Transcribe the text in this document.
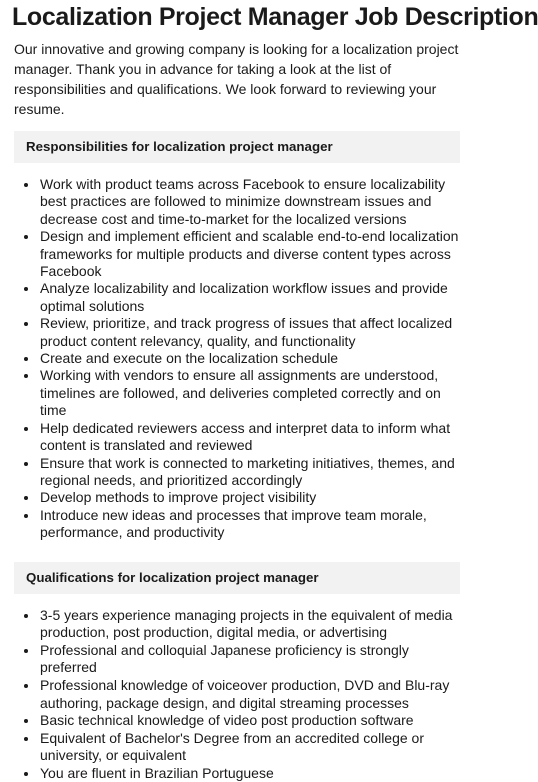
Localization Project Manager Job Description

Our innovative and growing company is looking for a localization project manager. Thank you in advance for taking a look at the list of responsibilities and qualifications. We look forward to reviewing your resume.

Responsibilities for localization project manager
• Work with product teams across Facebook to ensure localizability best practices are followed to minimize downstream issues and decrease cost and time-to-market for the localized versions
• Design and implement efficient and scalable end-to-end localization frameworks for multiple products and diverse content types across Facebook
• Analyze localizability and localization workflow issues and provide optimal solutions
• Review, prioritize, and track progress of issues that affect localized product content relevancy, quality, and functionality
• Create and execute on the localization schedule
• Working with vendors to ensure all assignments are understood, timelines are followed, and deliveries completed correctly and on time
• Help dedicated reviewers access and interpret data to inform what content is translated and reviewed
• Ensure that work is connected to marketing initiatives, themes, and regional needs, and prioritized accordingly
• Develop methods to improve project visibility
• Introduce new ideas and processes that improve team morale, performance, and productivity
Qualifications for localization project manager
• 3-5 years experience managing projects in the equivalent of media production, post production, digital media, or advertising
• Professional and colloquial Japanese proficiency is strongly preferred
• Professional knowledge of voiceover production, DVD and Blu-ray authoring, package design, and digital streaming processes
• Basic technical knowledge of video post production software
• Equivalent of Bachelor's Degree from an accredited college or university, or equivalent
• You are fluent in Brazilian Portuguese
